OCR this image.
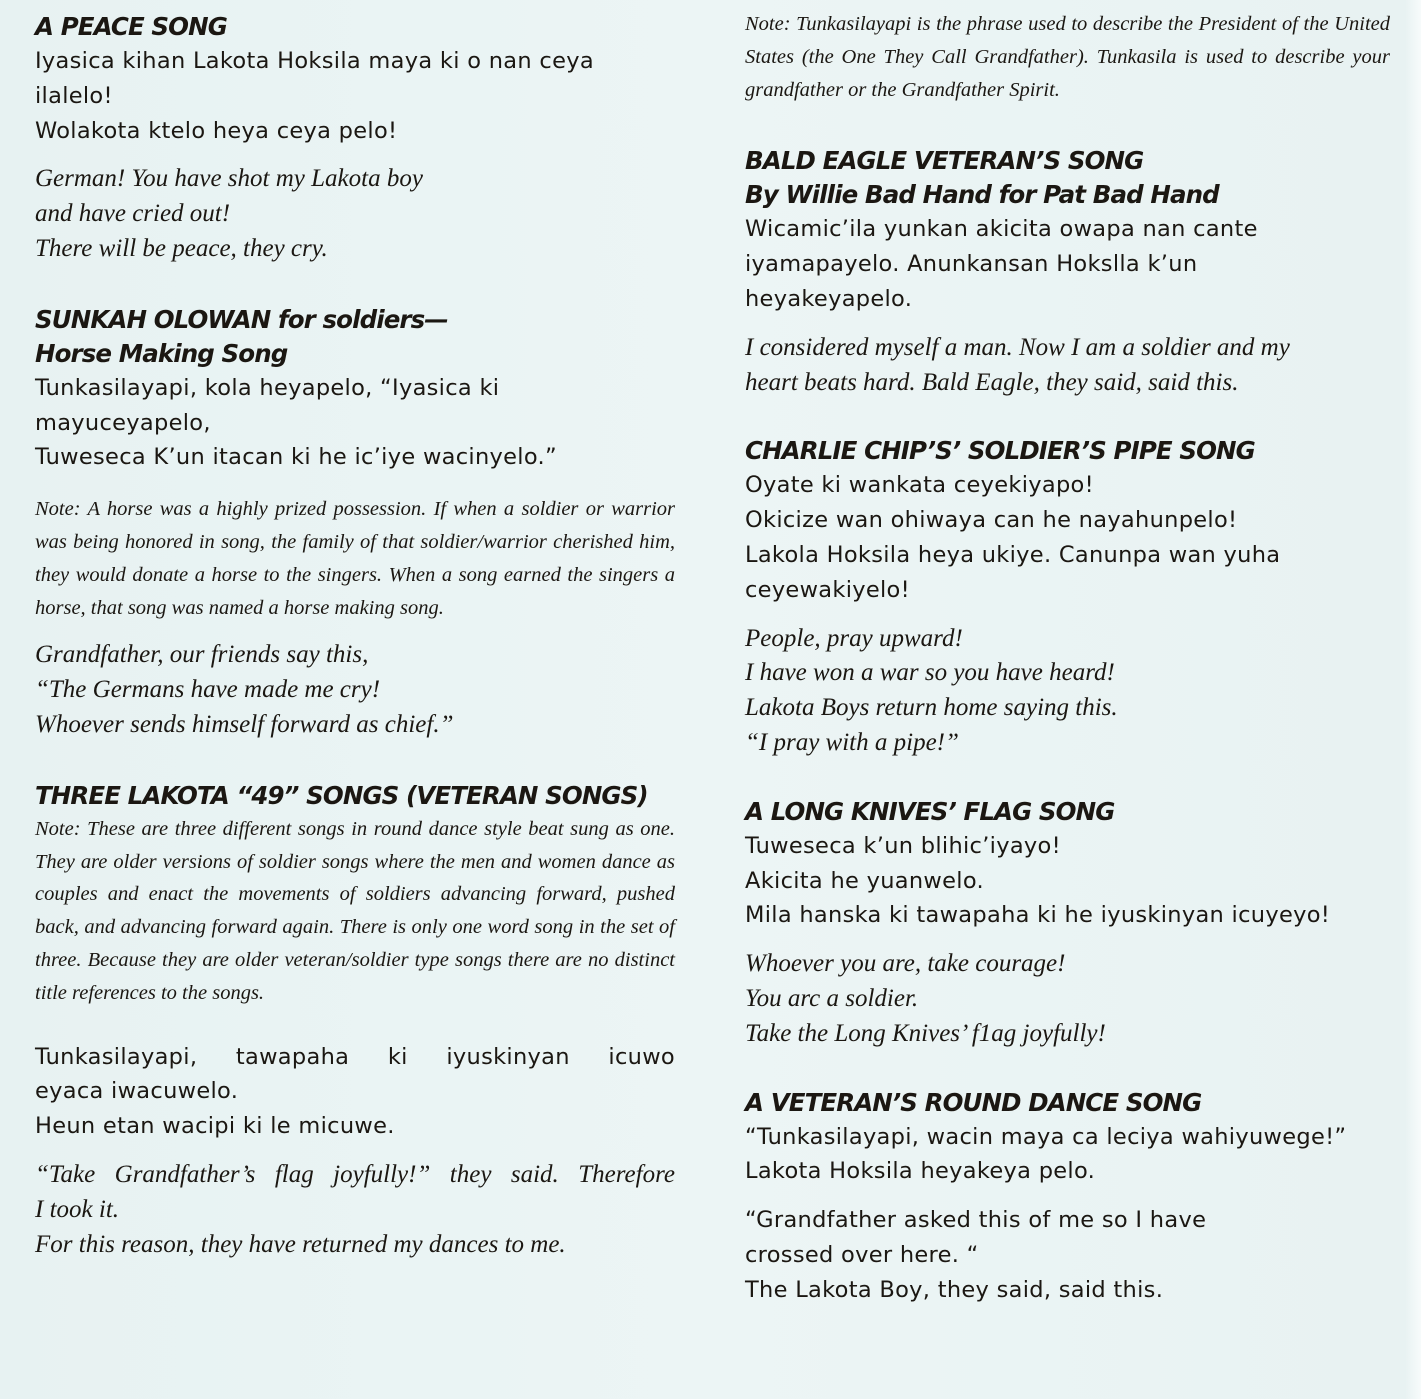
A PEACE SONG
Iyasica kihan Lakota Hoksila maya ki o nan ceya
ilalelo!
Wolakota ktelo heya ceya pelo!
German! You have shot my Lakota boy
and have cried out!
There will be peace, they cry.
SUNKAH OLOWAN for soldiers—
Horse Making Song
Tunkasilayapi, kola heyapelo, “Iyasica ki
mayuceyapelo,
Tuweseca K’un itacan ki he ic’iye wacinyelo.”
Note: A horse was a highly prized possession. If when a soldier or warrior was being honored in song, the family of that soldier/warrior cherished him, they would donate a horse to the singers. When a song earned the singers a horse, that song was named a horse making song.
Grandfather, our friends say this,
“The Germans have made me cry!
Whoever sends himself forward as chief.”
THREE LAKOTA “49” SONGS (VETERAN SONGS)
Note: These are three different songs in round dance style beat sung as one. They are older versions of soldier songs where the men and women dance as couples and enact the movements of soldiers advancing forward, pushed back, and advancing forward again. There is only one word song in the set of three. Because they are older veteran/soldier type songs there are no distinct title references to the songs.
Tunkasilayapi, tawapaha ki iyuskinyan icuwo
eyaca iwacuwelo.
Heun etan wacipi ki le micuwe.
“Take Grandfather’s flag joyfully!” they said. Therefore
I took it.
For this reason, they have returned my dances to me.
Note: Tunkasilayapi is the phrase used to describe the President of the United States (the One They Call Grandfather). Tunkasila is used to describe your grandfather or the Grandfather Spirit.
BALD EAGLE VETERAN’S SONG
By Willie Bad Hand for Pat Bad Hand
Wicamic’ila yunkan akicita owapa nan cante
iyamapayelo. Anunkansan Hokslla k’un
heyakeyapelo.
I considered myself a man. Now I am a soldier and my
heart beats hard. Bald Eagle, they said, said this.
CHARLIE CHIP’S’ SOLDIER’S PIPE SONG
Oyate ki wankata ceyekiyapo!
Okicize wan ohiwaya can he nayahunpelo!
Lakola Hoksila heya ukiye. Canunpa wan yuha
ceyewakiyelo!
People, pray upward!
I have won a war so you have heard!
Lakota Boys return home saying this.
“I pray with a pipe!”
A LONG KNIVES’ FLAG SONG
Tuweseca k’un blihic’iyayo!
Akicita he yuanwelo.
Mila hanska ki tawapaha ki he iyuskinyan icuyeyo!
Whoever you are, take courage!
You arc a soldier.
Take the Long Knives’ f1ag joyfully!
A VETERAN’S ROUND DANCE SONG
“Tunkasilayapi, wacin maya ca leciya wahiyuwege!”
Lakota Hoksila heyakeya pelo.
“Grandfather asked this of me so I have
crossed over here. “
The Lakota Boy, they said, said this.
